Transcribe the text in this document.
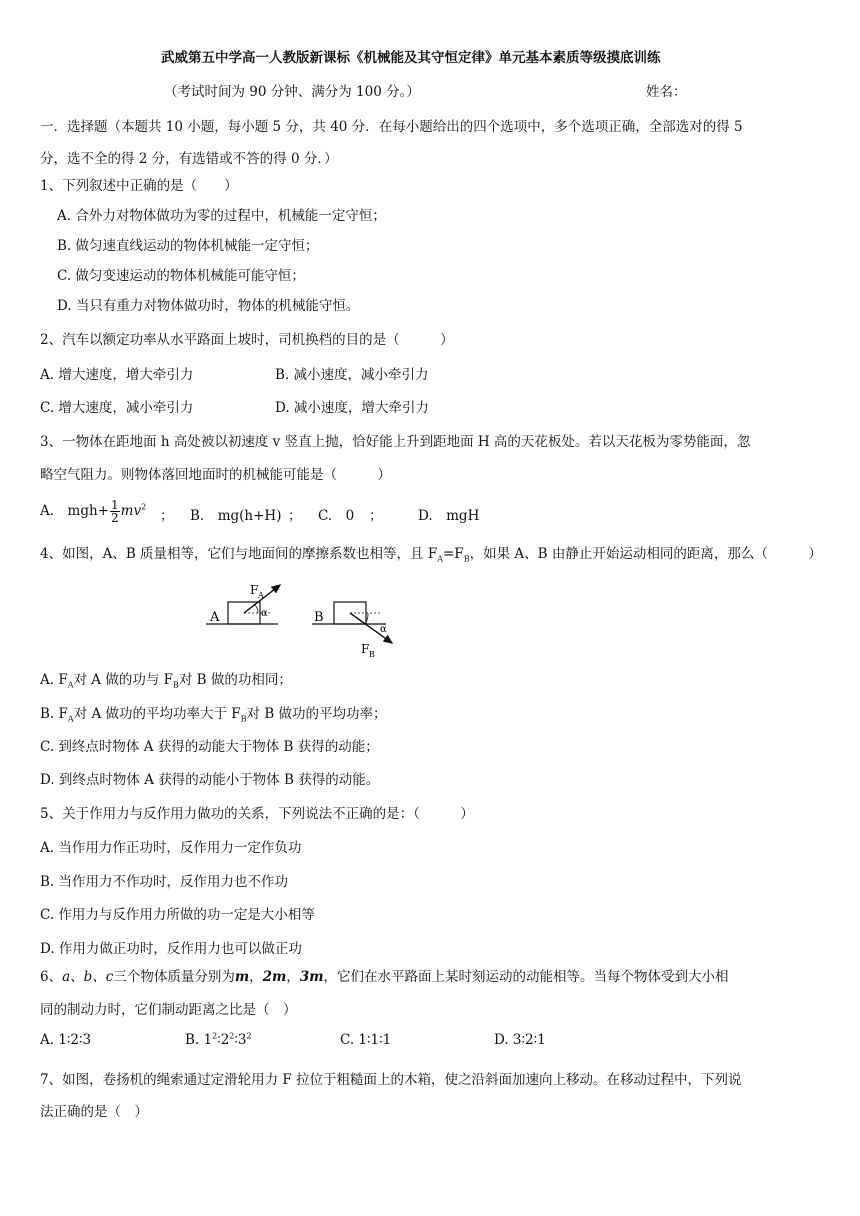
武威第五中学高一人教版新课标《机械能及其守恒定律》单元基本素质等级摸底训练
（考试时间为 90 分钟、满分为 100 分。）	姓名：
一．选择题（本题共 10 小题，每小题 5 分，共 40 分．在每小题给出的四个选项中，多个选项正确，全部选对的得 5
分，选不全的得 2 分，有选错或不答的得 0 分．）
1、下列叙述中正确的是（　　）
A. 合外力对物体做功为零的过程中，机械能一定守恒；
B. 做匀速直线运动的物体机械能一定守恒；
C. 做匀变速运动的物体机械能可能守恒；
D. 当只有重力对物体做功时，物体的机械能守恒。
2、汽车以额定功率从水平路面上坡时，司机换档的目的是（　　　）
A. 增大速度，增大牵引力	B. 减小速度，减小牵引力
C. 增大速度，减小牵引力	D. 减小速度，增大牵引力
3、一物体在距地面 h 高处被以初速度 v 竖直上抛，恰好能上升到距地面 H 高的天花板处。若以天花板为零势能面，忽
略空气阻力。则物体落回地面时的机械能可能是（　　　）
A.　$mgh+ \frac{1}{2} mv^2$
； B.　mg(h+H) ； C.　0 ；	D.　mgH
4、如图，A、B 质量相等，它们与地面间的摩擦系数也相等，且 $F_A=F_B$，如果 A、B 由静止开始运动相同的距离，那么（　　　）
A
F A
α	B
α
F B
A. $F_A$对 A 做的功与 $F_B$对 B 做的功相同；
B. $F_A$对 A 做功的平均功率大于 $F_B$对 B 做功的平均功率；
C. 到终点时物体 A 获得的动能大于物体 B 获得的动能；
D. 到终点时物体 A 获得的动能小于物体 B 获得的动能。
5、关于作用力与反作用力做功的关系，下列说法不正确的是：（　　　）
A. 当作用力作正功时，反作用力一定作负功
B. 当作用力不作功时，反作用力也不作功
C. 作用力与反作用力所做的功一定是大小相等
D. 作用力做正功时，反作用力也可以做正功
6、a、b、c三个物体质量分别为m，2m，3m，它们在水平路面上某时刻运动的动能相等。当每个物体受到大小相
同的制动力时，它们制动距离之比是（　）
A. 1∶2∶3	B. $1^2∶2^2∶3^2$	C. 1∶1∶1	D. 3∶2∶1
7、如图，卷扬机的绳索通过定滑轮用力 F 拉位于粗糙面上的木箱，使之沿斜面加速向上移动。在移动过程中，下列说
法正确的是（　）
